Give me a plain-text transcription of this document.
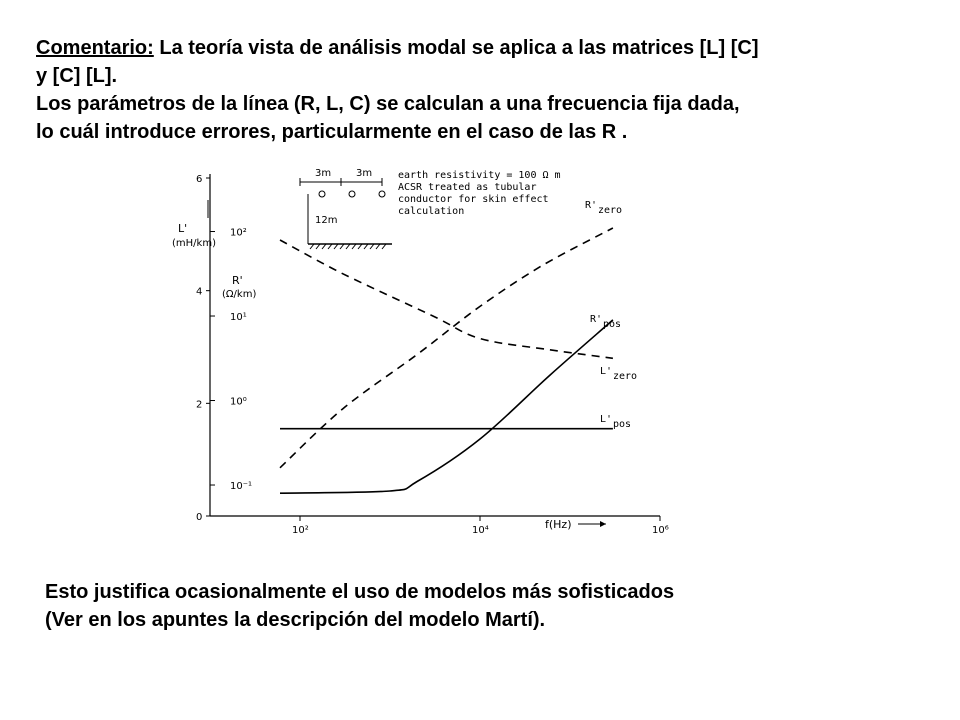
Comentario: La teoría vista de análisis modal se aplica a las matrices [L] [C]

y [C] [L].

Los parámetros de la línea (R, L, C) se calculan a una frecuencia fija dada,

lo cuál introduce errores, particularmente en el caso de las R .

L'
(mH/km)
R'
(Ω/km)
f(Hz)
0
2
4
6
10⁻¹
10⁰
10¹
10²
10²	10⁴	10⁶
R' zero
L' zero
R' pos
L' pos
3m 3m
12m
earth resistivity = 100 Ω m
ACSR treated as tubular
conductor for skin effect
calculation

Esto justifica ocasionalmente el uso de modelos más sofisticados

(Ver en los apuntes la descripción del modelo Martí).
